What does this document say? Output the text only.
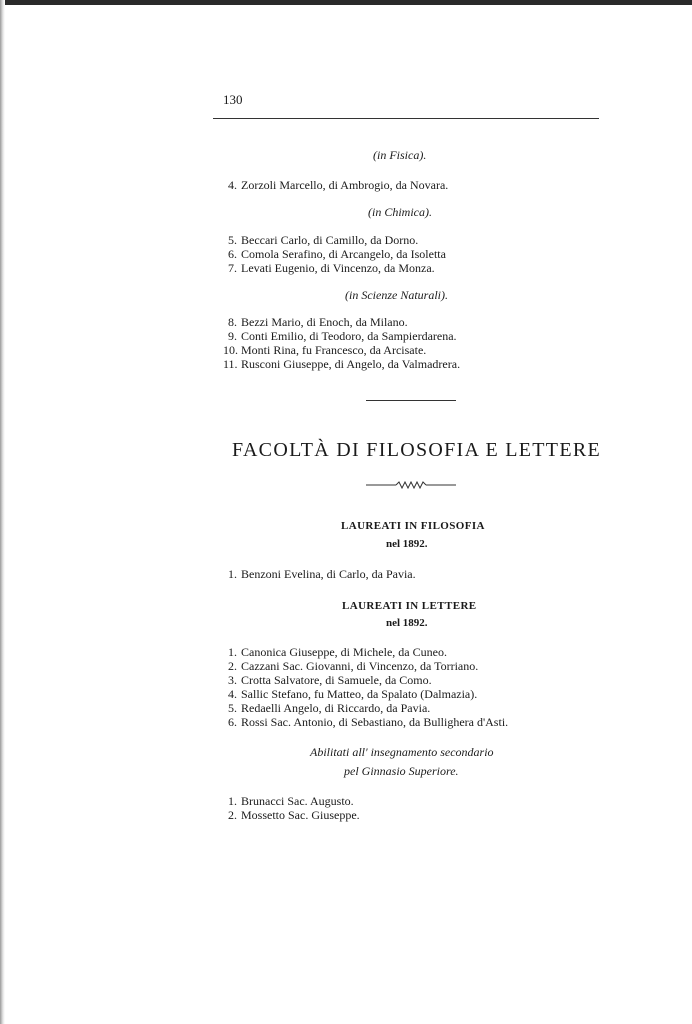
130
(in Fisica).
4. Zorzoli Marcello, di Ambrogio, da Novara.
(in Chimica).
5. Beccari Carlo, di Camillo, da Dorno.
6. Comola Serafino, di Arcangelo, da Isoletta
7. Levati Eugenio, di Vincenzo, da Monza.
(in Scienze Naturali).
8. Bezzi Mario, di Enoch, da Milano.
9. Conti Emilio, di Teodoro, da Sampierdarena.
10. Monti Rina, fu Francesco, da Arcisate.
11. Rusconi Giuseppe, di Angelo, da Valmadrera.
FACOLTÀ DI FILOSOFIA E LETTERE
LAUREATI IN FILOSOFIA
nel 1892.
1. Benzoni Evelina, di Carlo, da Pavia.
LAUREATI IN LETTERE
nel 1892.
1. Canonica Giuseppe, di Michele, da Cuneo.
2. Cazzani Sac. Giovanni, di Vincenzo, da Torriano.
3. Crotta Salvatore, di Samuele, da Como.
4. Sallic Stefano, fu Matteo, da Spalato (Dalmazia).
5. Redaelli Angelo, di Riccardo, da Pavia.
6. Rossi Sac. Antonio, di Sebastiano, da Bullighera d'Asti.
Abilitati all' insegnamento secondario
pel Ginnasio Superiore.
1. Brunacci Sac. Augusto.
2. Mossetto Sac. Giuseppe.
